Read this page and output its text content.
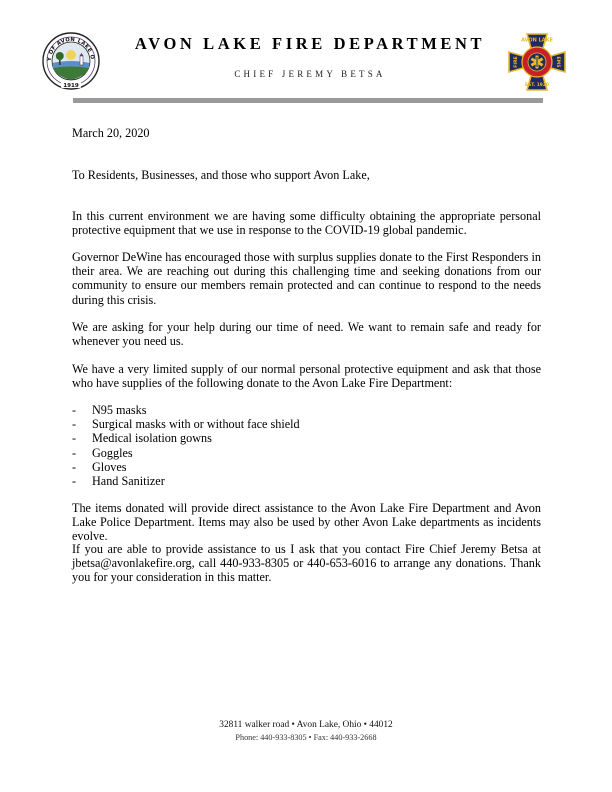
Y OF AVON LAKE O
1919
AVON LAKE FIRE DEPARTMENT
CHIEF JEREMY BETSA
AVON LAKE
FIRE	EMS
EST. 1920

March 20, 2020

To Residents, Businesses, and those who support Avon Lake,

In this current environment we are having some difficulty obtaining the appropriate personal protective equipment that we use in response to the COVID-19 global pandemic.

Governor DeWine has encouraged those with surplus supplies donate to the First Responders in their area. We are reaching out during this challenging time and seeking donations from our community to ensure our members remain protected and can continue to respond to the needs during this crisis.

We are asking for your help during our time of need. We want to remain safe and ready for whenever you need us.

We have a very limited supply of our normal personal protective equipment and ask that those who have supplies of the following donate to the Avon Lake Fire Department:

- N95 masks
- Surgical masks with or without face shield
- Medical isolation gowns
- Goggles
- Gloves
- Hand Sanitizer

The items donated will provide direct assistance to the Avon Lake Fire Department and Avon Lake Police Department. Items may also be used by other Avon Lake departments as incidents evolve.

If you are able to provide assistance to us I ask that you contact Fire Chief Jeremy Betsa at jbetsa@avonlakefire.org, call 440-933-8305 or 440-653-6016 to arrange any donations. Thank you for your consideration in this matter.

32811 walker road • Avon Lake, Ohio • 44012
Phone: 440-933-8305 • Fax: 440-933-2668
